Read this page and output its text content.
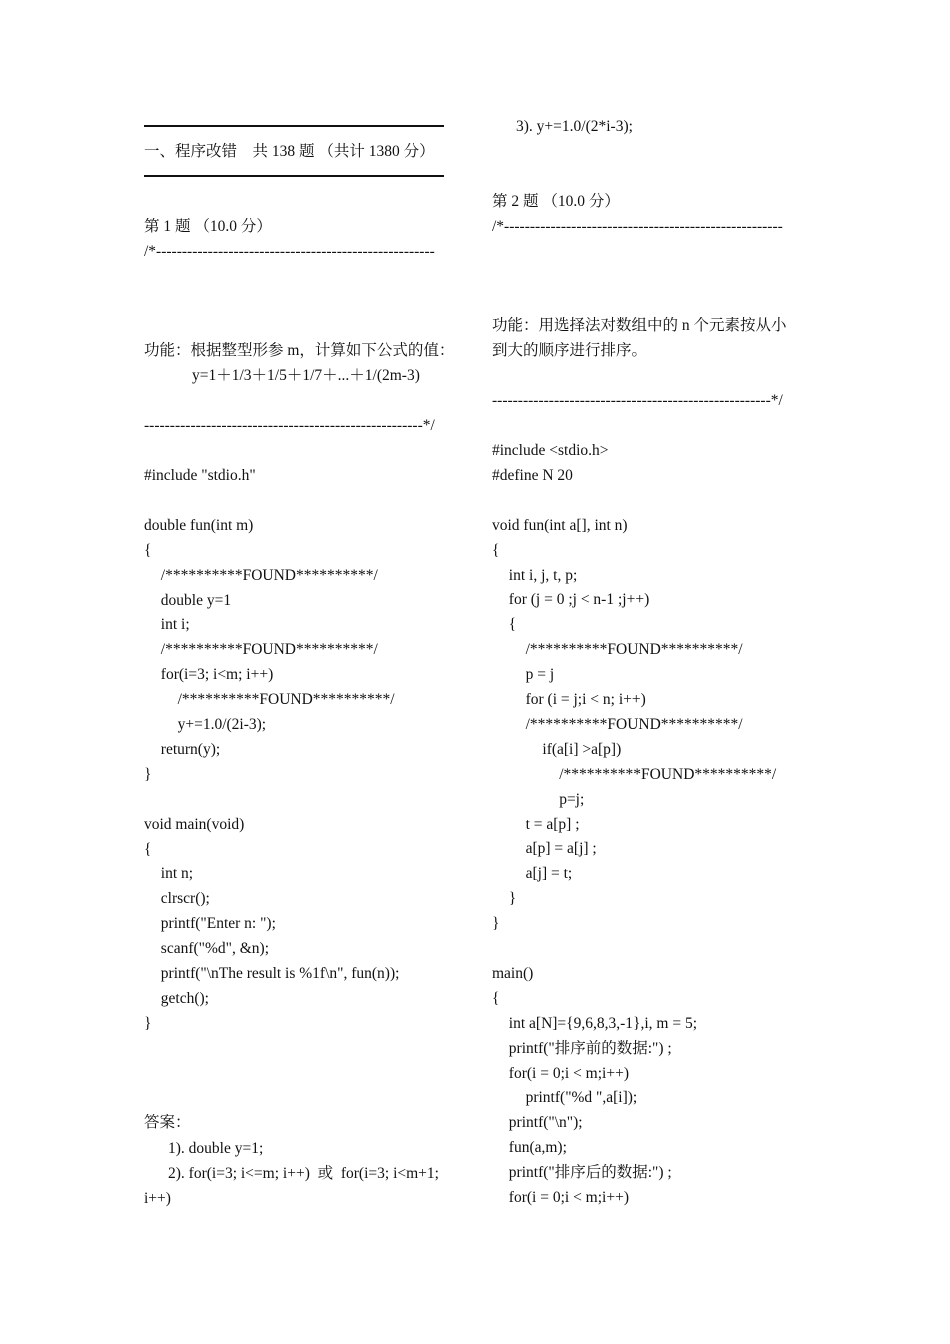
一、程序改错    共 138 题 （共计 1380 分）
第 1 题 （10.0 分）
/*------------------------------------------------------
功能：根据整型形参 m，计算如下公式的值：
y=1＋1/3＋1/5＋1/7＋...＋1/(2m-3)
------------------------------------------------------*/
#include "stdio.h"
double fun(int m)
{
/**********FOUND**********/
double y=1
int i;
/**********FOUND**********/
for(i=3; i<m; i++)
/**********FOUND**********/
y+=1.0/(2i-3);
return(y);
}
void main(void)
{
int n;
clrscr();
printf("Enter n: ");
scanf("%d", &n);
printf("\nThe result is %1f\n", fun(n));
getch();
}
答案：
1). double y=1;
2). for(i=3; i<=m; i++)  或  for(i=3; i<m+1;
i++)
3). y+=1.0/(2*i-3);
第 2 题 （10.0 分）
/*------------------------------------------------------
功能：用选择法对数组中的 n 个元素按从小
到大的顺序进行排序。
------------------------------------------------------*/
#include <stdio.h>
#define N 20
void fun(int a[], int n)
{
int i, j, t, p;
for (j = 0 ;j < n-1 ;j++)
{
/**********FOUND**********/
p = j
for (i = j;i < n; i++)
/**********FOUND**********/
if(a[i] >a[p])
/**********FOUND**********/
p=j;
t = a[p] ;
a[p] = a[j] ;
a[j] = t;
}
}
main()
{
int a[N]={9,6,8,3,-1},i, m = 5;
printf("排序前的数据:") ;
for(i = 0;i < m;i++)
printf("%d ",a[i]);
printf("\n");
fun(a,m);
printf("排序后的数据:") ;
for(i = 0;i < m;i++)
